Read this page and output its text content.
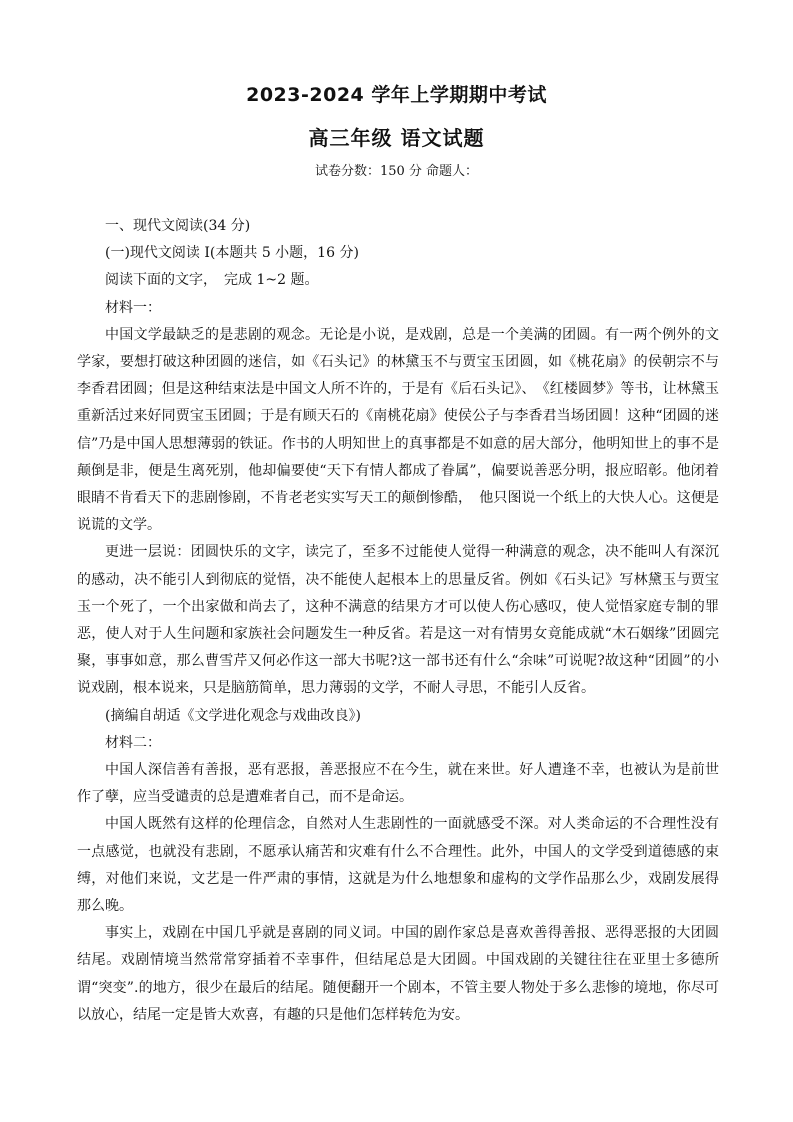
2023-2024 学年上学期期中考试
高三年级 语文试题
试卷分数：150 分 命题人：

一、现代文阅读(34 分)

(一)现代文阅读 I(本题共 5 小题，16 分)

阅读下面的文字，　完成 1~2 题。

材料一：

中国文学最缺乏的是悲剧的观念。无论是小说，是戏剧，总是一个美满的团圆。有一两个例外的文学家，要想打破这种团圆的迷信，如《石头记》的林黛玉不与贾宝玉团圆，如《桃花扇》的侯朝宗不与李香君团圆；但是这种结束法是中国文人所不许的，于是有《后石头记》、　《红楼圆梦》等书，让林黛玉重新活过来好同贾宝玉团圆；于是有顾天石的《南桃花扇》使侯公子与李香君当场团圆！这种“团圆的迷信”乃是中国人思想薄弱的铁证。作书的人明知世上的真事都是不如意的居大部分，他明知世上的事不是颠倒是非，便是生离死别，他却偏要使“天下有情人都成了眷属”，偏要说善恶分明，报应昭彰。他闭着眼睛不肯看天下的悲剧惨剧，不肯老老实实写天工的颠倒惨酷，　他只图说一个纸上的大快人心。这便是说谎的文学。

更进一层说：团圆快乐的文字，读完了，至多不过能使人觉得一种满意的观念，决不能叫人有深沉的感动，决不能引人到彻底的觉悟，决不能使人起根本上的思量反省。例如《石头记》写林黛玉与贾宝玉一个死了，一个出家做和尚去了，这种不满意的结果方才可以使人伤心感叹，使人觉悟家庭专制的罪恶，使人对于人生问题和家族社会问题发生一种反省。若是这一对有情男女竟能成就“木石姻缘”团圆完聚，事事如意，那么曹雪芹又何必作这一部大书呢?这一部书还有什么“余味”可说呢?故这种“团圆”的小说戏剧，根本说来，只是脑筋简单，思力薄弱的文学，不耐人寻思，不能引人反省。

(摘编自胡适《文学进化观念与戏曲改良》)

材料二：

中国人深信善有善报，恶有恶报，善恶报应不在今生，就在来世。好人遭逢不幸，也被认为是前世作了孽，应当受谴责的总是遭难者自己，而不是命运。

中国人既然有这样的伦理信念，自然对人生悲剧性的一面就感受不深。对人类命运的不合理性没有一点感觉，也就没有悲剧，不愿承认痛苦和灾难有什么不合理性。此外，中国人的文学受到道德感的束缚，对他们来说，文艺是一件严肃的事情，这就是为什么地想象和虚构的文学作品那么少，戏剧发展得那么晚。

事实上，戏剧在中国几乎就是喜剧的同义词。中国的剧作家总是喜欢善得善报、恶得恶报的大团圆结尾。戏剧情境当然常常穿插着不幸事件，但结尾总是大团圆。中国戏剧的关键往往在亚里士多德所谓“突变”.的地方，很少在最后的结尾。随便翻开一个剧本，不管主要人物处于多么悲惨的境地，你尽可以放心，结尾一定是皆大欢喜，有趣的只是他们怎样转危为安。
